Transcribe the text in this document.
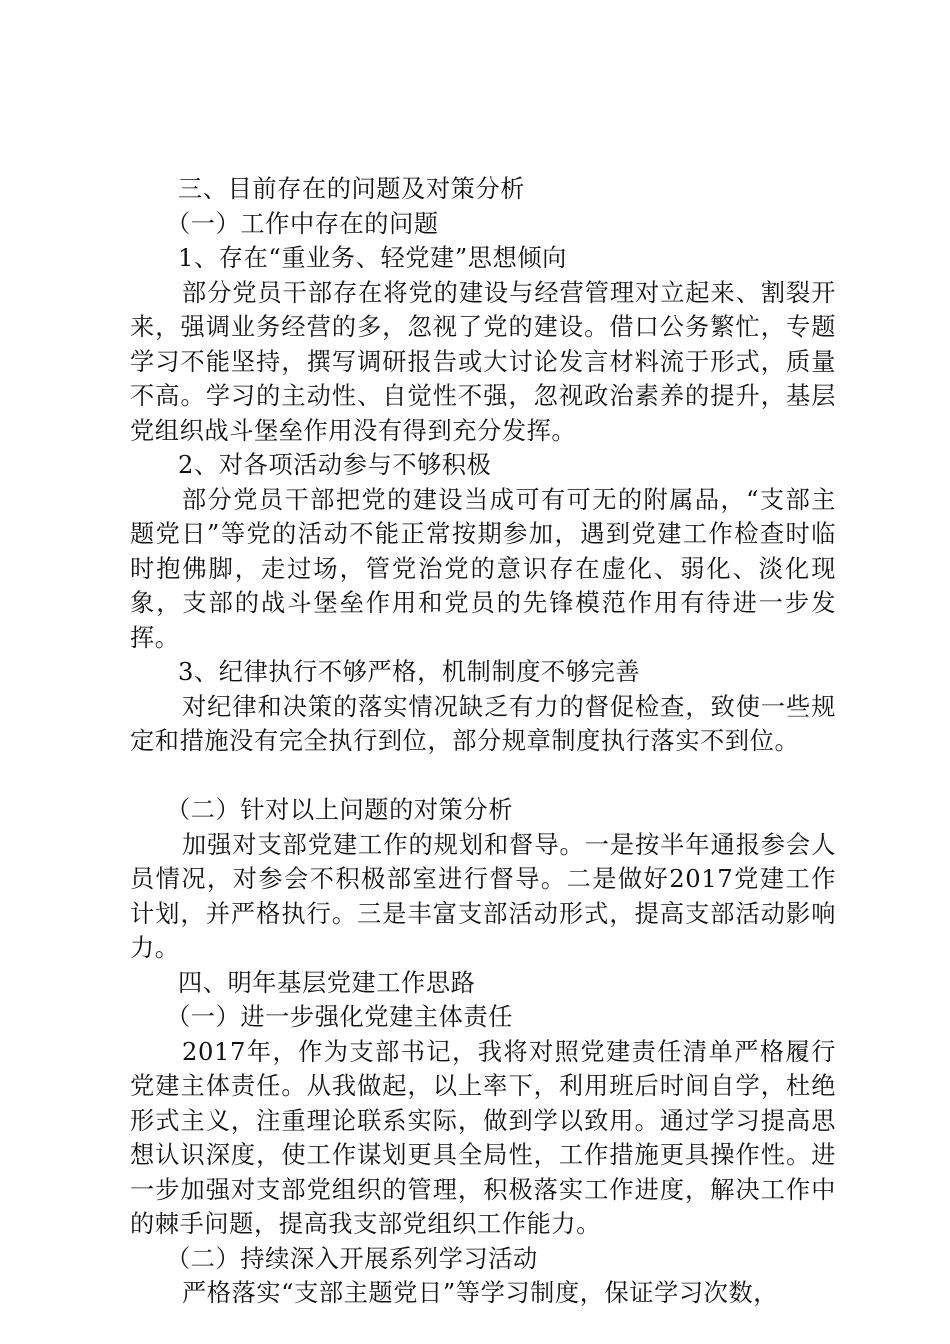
三、目前存在的问题及对策分析

（一）工作中存在的问题

1、存在“重业务、轻党建”思想倾向

部分党员干部存在将党的建设与经营管理对立起来、割裂开来，强调业务经营的多，忽视了党的建设。借口公务繁忙，专题学习不能坚持，撰写调研报告或大讨论发言材料流于形式，质量不高。学习的主动性、自觉性不强，忽视政治素养的提升，基层党组织战斗堡垒作用没有得到充分发挥。

2、对各项活动参与不够积极

部分党员干部把党的建设当成可有可无的附属品，“支部主题党日”等党的活动不能正常按期参加，遇到党建工作检查时临时抱佛脚，走过场，管党治党的意识存在虚化、弱化、淡化现象，支部的战斗堡垒作用和党员的先锋模范作用有待进一步发挥。

3、纪律执行不够严格，机制制度不够完善

对纪律和决策的落实情况缺乏有力的督促检查，致使一些规定和措施没有完全执行到位，部分规章制度执行落实不到位。

（二）针对以上问题的对策分析

加强对支部党建工作的规划和督导。一是按半年通报参会人员情况，对参会不积极部室进行督导。二是做好2017党建工作计划，并严格执行。三是丰富支部活动形式，提高支部活动影响力。

四、明年基层党建工作思路

（一）进一步强化党建主体责任

2017年，作为支部书记，我将对照党建责任清单严格履行党建主体责任。从我做起，以上率下，利用班后时间自学，杜绝形式主义，注重理论联系实际，做到学以致用。通过学习提高思想认识深度，使工作谋划更具全局性，工作措施更具操作性。进一步加强对支部党组织的管理，积极落实工作进度，解决工作中的棘手问题，提高我支部党组织工作能力。

（二）持续深入开展系列学习活动

严格落实“支部主题党日”等学习制度，保证学习次数，
